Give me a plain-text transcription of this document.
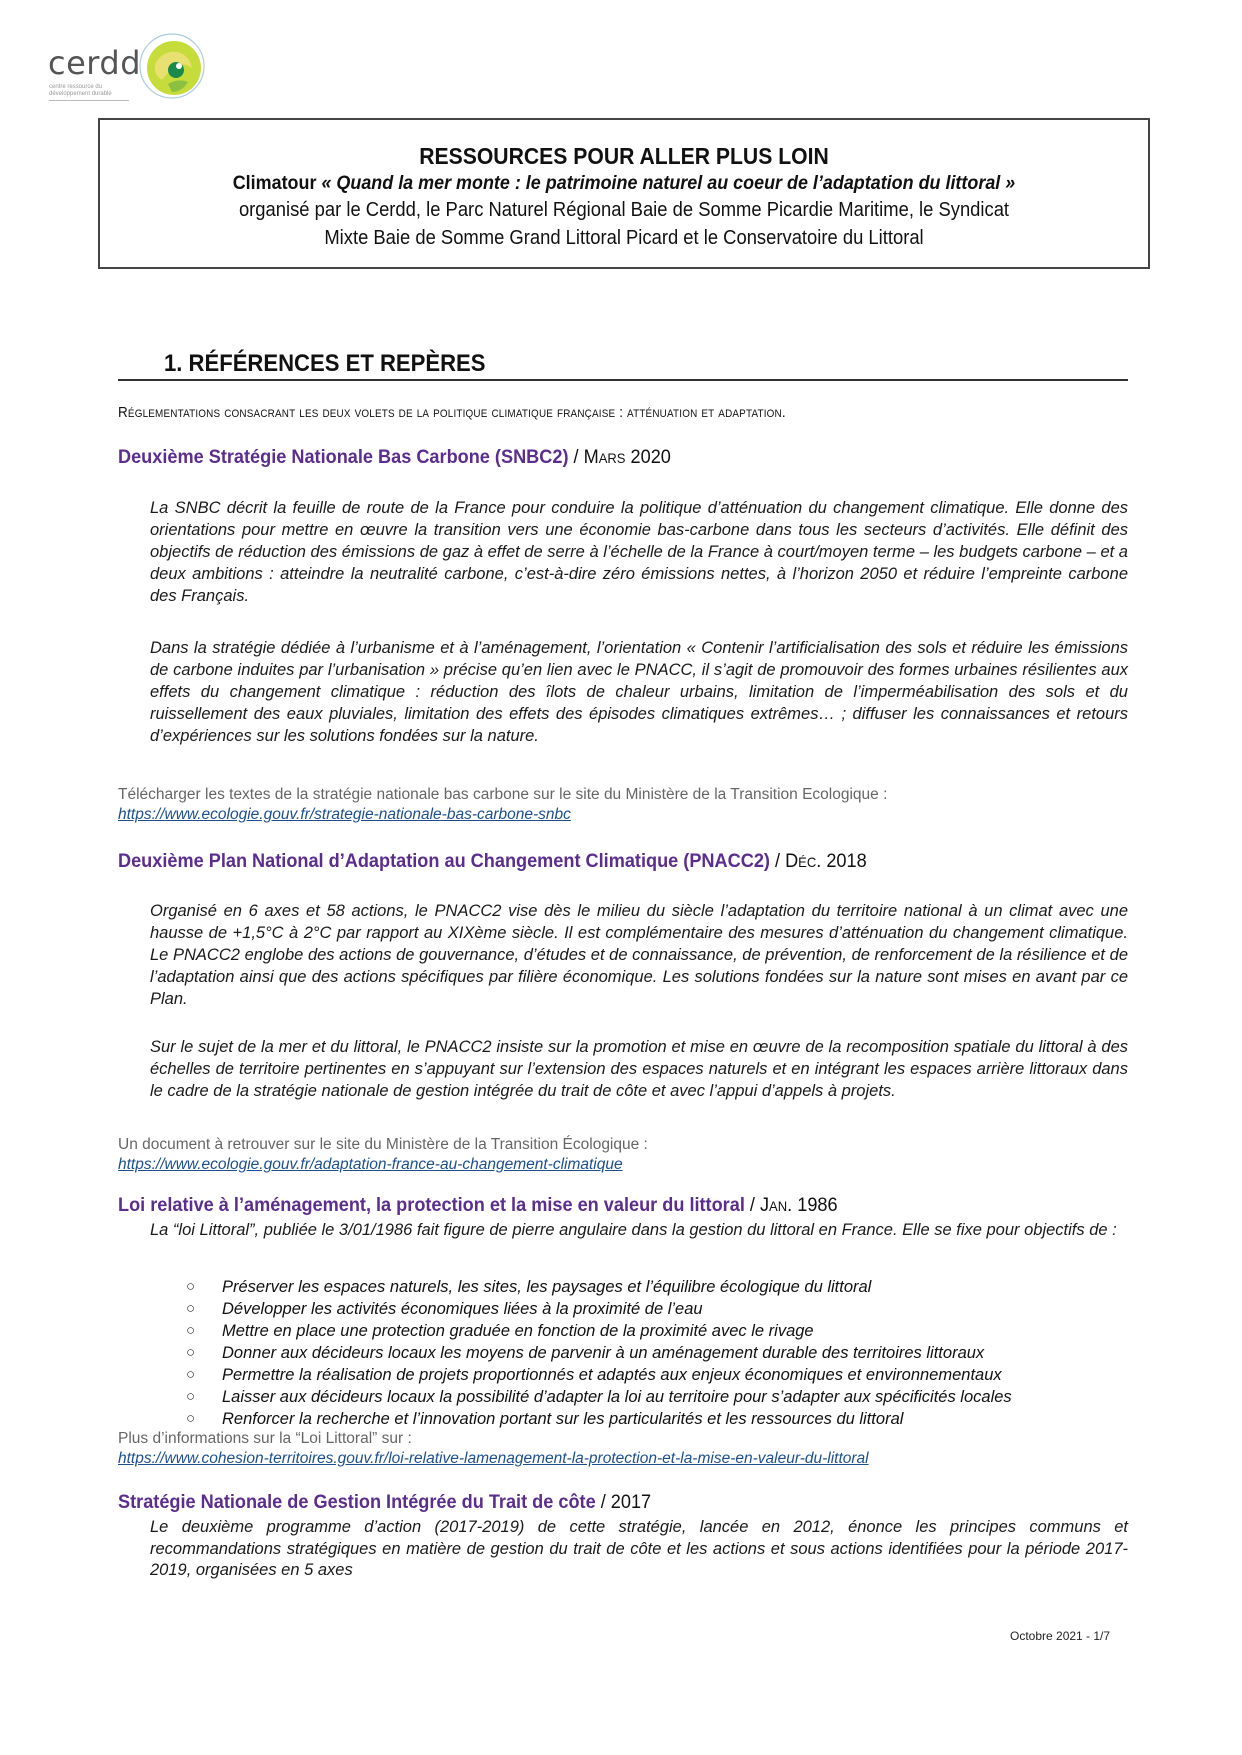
cerdd
centre ressource du développement durable
RESSOURCES POUR ALLER PLUS LOIN
Climatour « Quand la mer monte : le patrimoine naturel au coeur de l’adaptation du littoral »
organisé par le Cerdd, le Parc Naturel Régional Baie de Somme Picardie Maritime, le Syndicat
Mixte Baie de Somme Grand Littoral Picard et le Conservatoire du Littoral
1. RÉFÉRENCES ET REPÈRES
Réglementations consacrant les deux volets de la politique climatique française : atténuation et adaptation.
Deuxième Stratégie Nationale Bas Carbone (SNBC2) / Mars 2020

La SNBC décrit la feuille de route de la France pour conduire la politique d’atténuation du changement climatique. Elle donne des orientations pour mettre en œuvre la transition vers une économie bas-carbone dans tous les secteurs d’activités. Elle définit des objectifs de réduction des émissions de gaz à effet de serre à l’échelle de la France à court/moyen terme – les budgets carbone – et a deux ambitions : atteindre la neutralité carbone, c’est-à-dire zéro émissions nettes, à l’horizon 2050 et réduire l’empreinte carbone des Français.

Dans la stratégie dédiée à l’urbanisme et à l’aménagement, l’orientation « Contenir l’artificialisation des sols et réduire les émissions de carbone induites par l’urbanisation » précise qu’en lien avec le PNACC, il s’agit de promouvoir des formes urbaines résilientes aux effets du changement climatique : réduction des îlots de chaleur urbains, limitation de l’imperméabilisation des sols et du ruissellement des eaux pluviales, limitation des effets des épisodes climatiques extrêmes… ; diffuser les connaissances et retours d’expériences sur les solutions fondées sur la nature.

Télécharger les textes de la stratégie nationale bas carbone sur le site du Ministère de la Transition Ecologique :
https://www.ecologie.gouv.fr/strategie-nationale-bas-carbone-snbc
Deuxième Plan National d’Adaptation au Changement Climatique (PNACC2) / Déc. 2018

Organisé en 6 axes et 58 actions, le PNACC2 vise dès le milieu du siècle l’adaptation du territoire national à un climat avec une hausse de +1,5°C à 2°C par rapport au XIXème siècle. Il est complémentaire des mesures d’atténuation du changement climatique. Le PNACC2 englobe des actions de gouvernance, d’études et de connaissance, de prévention, de renforcement de la résilience et de l’adaptation ainsi que des actions spécifiques par filière économique. Les solutions fondées sur la nature sont mises en avant par ce Plan.

Sur le sujet de la mer et du littoral, le PNACC2 insiste sur la promotion et mise en œuvre de la recomposition spatiale du littoral à des échelles de territoire pertinentes en s’appuyant sur l’extension des espaces naturels et en intégrant les espaces arrière littoraux dans le cadre de la stratégie nationale de gestion intégrée du trait de côte et avec l’appui d’appels à projets.

Un document à retrouver sur le site du Ministère de la Transition Écologique :
https://www.ecologie.gouv.fr/adaptation-france-au-changement-climatique
Loi relative à l’aménagement, la protection et la mise en valeur du littoral / Jan. 1986

La “loi Littoral”, publiée le 3/01/1986 fait figure de pierre angulaire dans la gestion du littoral en France. Elle se fixe pour objectifs de :

○ Préserver les espaces naturels, les sites, les paysages et l’équilibre écologique du littoral
○ Développer les activités économiques liées à la proximité de l’eau
○ Mettre en place une protection graduée en fonction de la proximité avec le rivage
○ Donner aux décideurs locaux les moyens de parvenir à un aménagement durable des territoires littoraux
○ Permettre la réalisation de projets proportionnés et adaptés aux enjeux économiques et environnementaux
○ Laisser aux décideurs locaux la possibilité d’adapter la loi au territoire pour s’adapter aux spécificités locales
○ Renforcer la recherche et l’innovation portant sur les particularités et les ressources du littoral
Plus d’informations sur la “Loi Littoral” sur :
https://www.cohesion-territoires.gouv.fr/loi-relative-lamenagement-la-protection-et-la-mise-en-valeur-du-littoral
Stratégie Nationale de Gestion Intégrée du Trait de côte / 2017

Le deuxième programme d’action (2017-2019) de cette stratégie, lancée en 2012, énonce les principes communs et recommandations stratégiques en matière de gestion du trait de côte et les actions et sous actions identifiées pour la période 2017-2019, organisées en 5 axes

Octobre 2021 - 1/7
